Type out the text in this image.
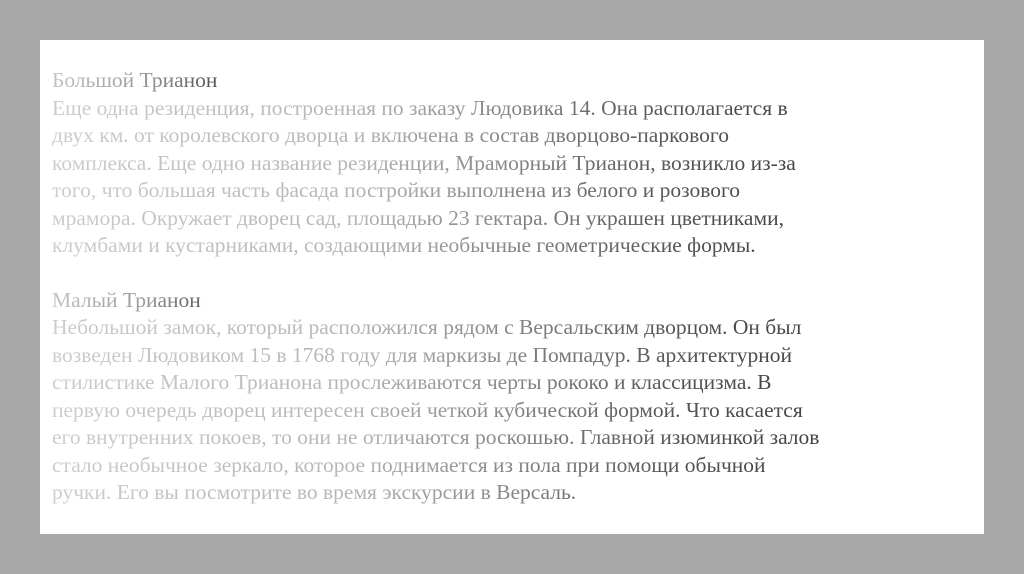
Большой Трианон

Еще одна резиденция, построенная по заказу Людовика 14. Она располагается в

двух км. от королевского дворца и включена в состав дворцово-паркового

комплекса. Еще одно название резиденции, Мраморный Трианон, возникло из-за

того, что большая часть фасада постройки выполнена из белого и розового

мрамора. Окружает дворец сад, площадью 23 гектара. Он украшен цветниками,

клумбами и кустарниками, создающими необычные геометрические формы.

Малый Трианон

Небольшой замок, который расположился рядом с Версальским дворцом. Он был

возведен Людовиком 15 в 1768 году для маркизы де Помпадур. В архитектурной

стилистике Малого Трианона прослеживаются черты рококо и классицизма. В

первую очередь дворец интересен своей четкой кубической формой. Что касается

его внутренних покоев, то они не отличаются роскошью. Главной изюминкой залов

стало необычное зеркало, которое поднимается из пола при помощи обычной

ручки. Его вы посмотрите во время экскурсии в Версаль.
